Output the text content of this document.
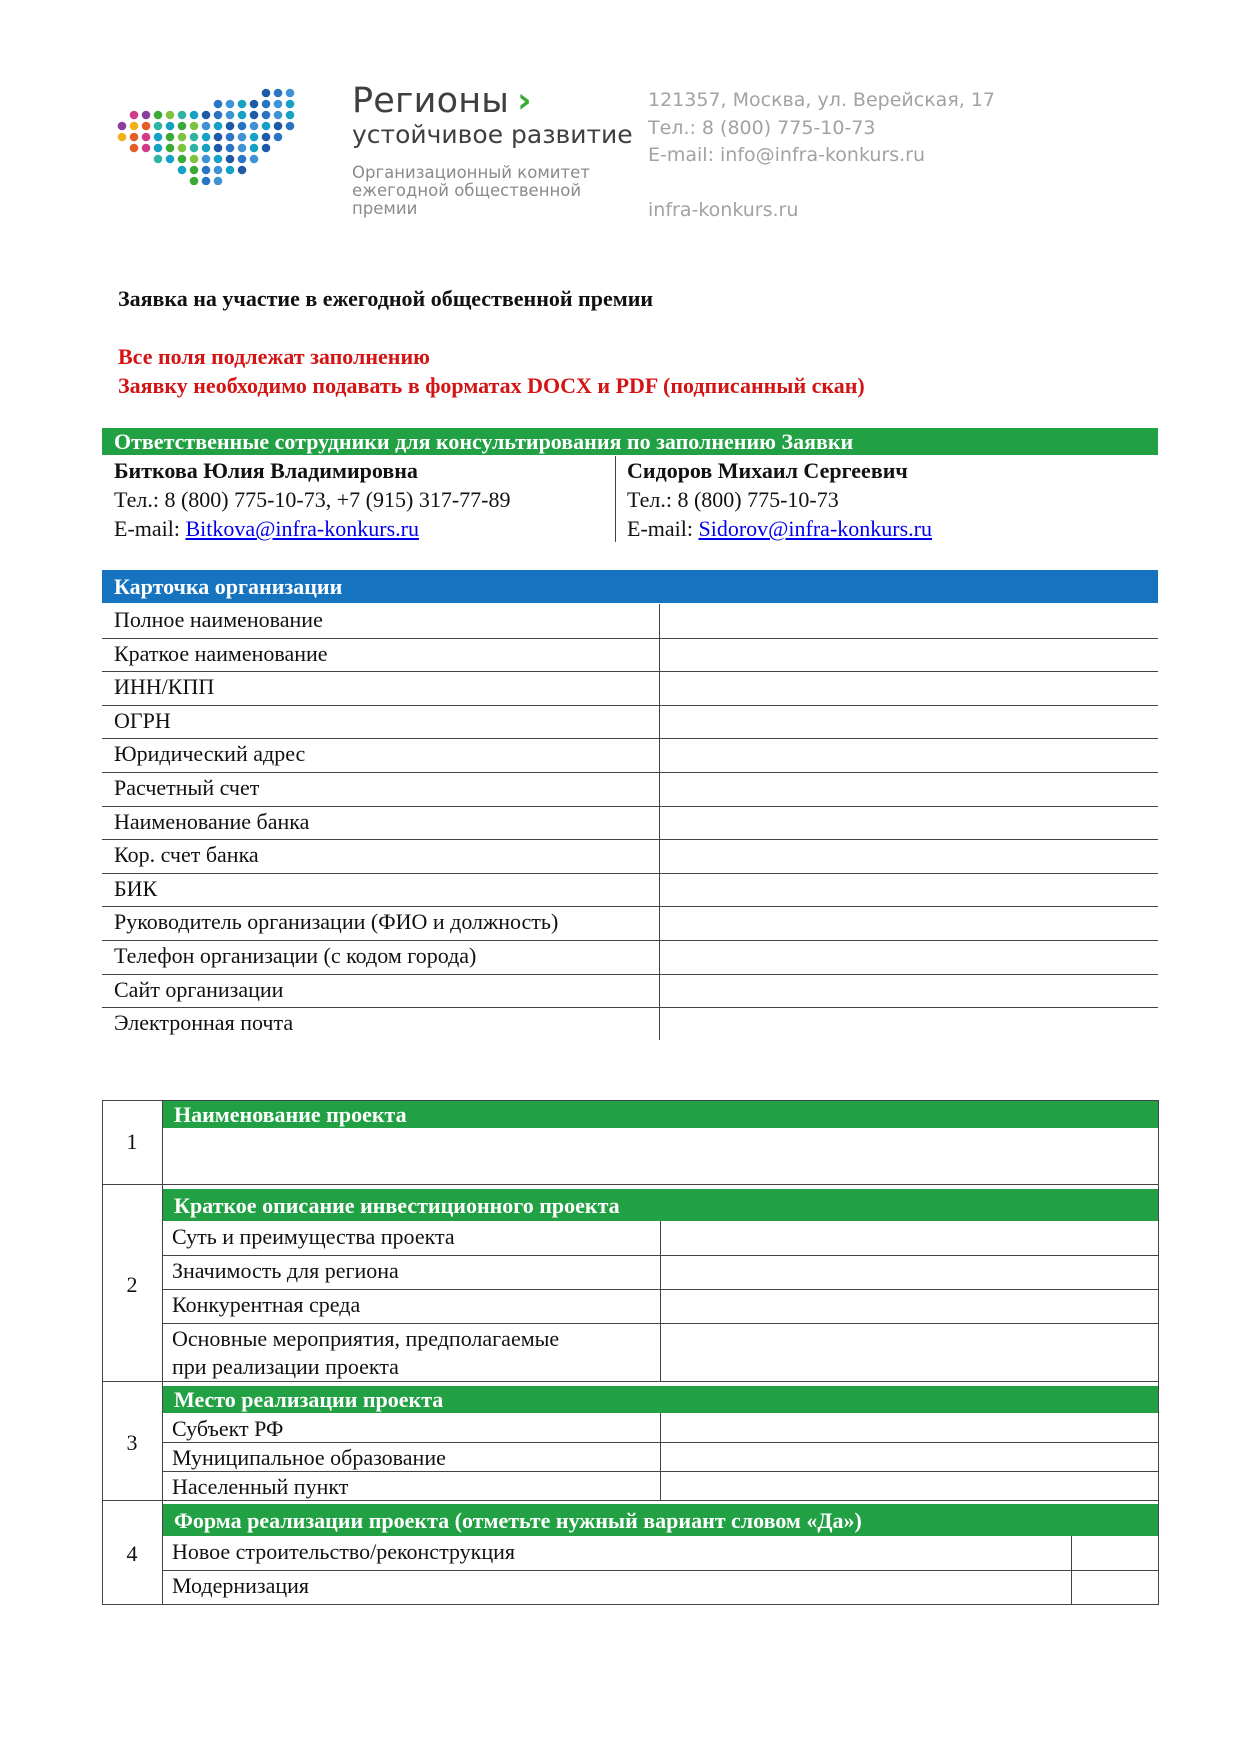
Регионы ›
устойчивое развитие
Организационный комитет ежегодной общественной премии
121357, Москва, ул. Верейская, 17
Тел.: 8 (800) 775-10-73
E-mail: info@infra-konkurs.ru
infra-konkurs.ru
Заявка на участие в ежегодной общественной премии
Все поля подлежат заполнению
Заявку необходимо подавать в форматах DOCX и PDF (подписанный скан)
Ответственные сотрудники для консультирования по заполнению Заявки
Биткова Юлия Владимировна
Тел.: 8 (800) 775-10-73, +7 (915) 317-77-89
E-mail: Bitkova@infra-konkurs.ru
Сидоров Михаил Сергеевич
Тел.: 8 (800) 775-10-73
E-mail: Sidorov@infra-konkurs.ru
Карточка организации
Полное наименование
Краткое наименование
ИНН/КПП
ОГРН
Юридический адрес
Расчетный счет
Наименование банка
Кор. счет банка
БИК
Руководитель организации (ФИО и должность)
Телефон организации (с кодом города)
Сайт организации
Электронная почта
Наименование проекта
1
Краткое описание инвестиционного проекта
Суть и преимущества проекта
Значимость для региона
Конкурентная среда
Основные мероприятия, предполагаемые
при реализации проекта
2
Место реализации проекта
Субъект РФ
Муниципальное образование
Населенный пункт
3
Форма реализации проекта (отметьте нужный вариант словом «Да»)
Новое строительство/реконструкция
Модернизация
4
